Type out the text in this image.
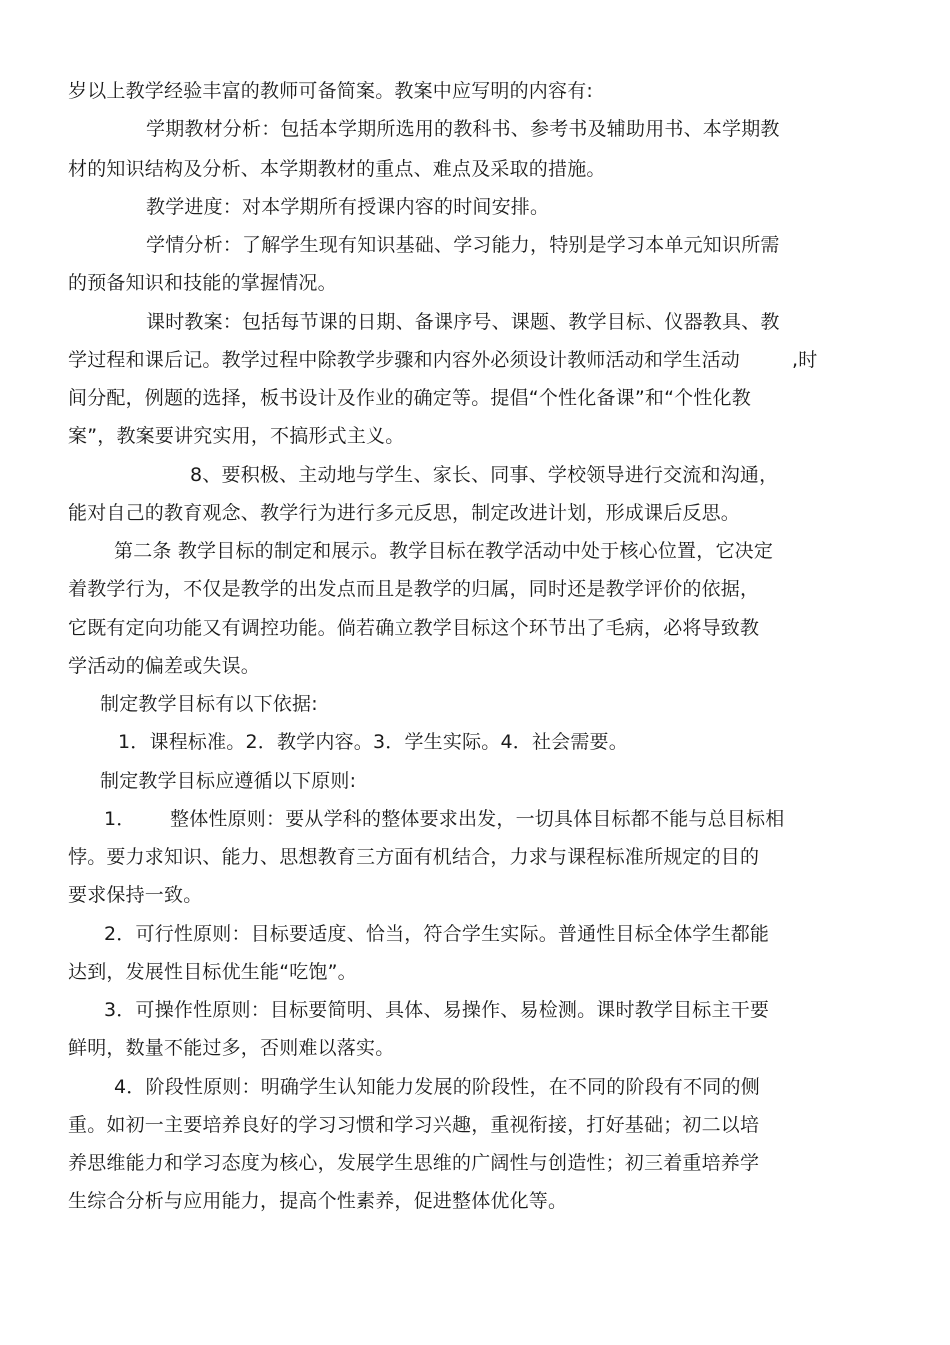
岁以上教学经验丰富的教师可备简案。教案中应写明的内容有:
学期教材分析：包括本学期所选用的教科书、参考书及辅助用书、本学期教
材的知识结构及分析、本学期教材的重点、难点及采取的措施。
教学进度：对本学期所有授课内容的时间安排。
学情分析：了解学生现有知识基础、学习能力，特别是学习本单元知识所需
的预备知识和技能的掌握情况。
课时教案：包括每节课的日期、备课序号、课题、教学目标、仪器教具、教
学过程和课后记。教学过程中除教学步骤和内容外必须设计教师活动和学生活动	,时
间分配，例题的选择，板书设计及作业的确定等。提倡“个性化备课”和“个性化教
案”，教案要讲究实用，不搞形式主义。
8、要积极、主动地与学生、家长、同事、学校领导进行交流和沟通，
能对自己的教育观念、教学行为进行多元反思，制定改进计划，形成课后反思。
第二条 教学目标的制定和展示。教学目标在教学活动中处于核心位置，它决定
着教学行为，不仅是教学的出发点而且是教学的归属，同时还是教学评价的依据，
它既有定向功能又有调控功能。倘若确立教学目标这个环节出了毛病，必将导致教
学活动的偏差或失误。
制定教学目标有以下依据:
1．课程标准。2．教学内容。3．学生实际。4．社会需要。
制定教学目标应遵循以下原则:
1． 整体性原则：要从学科的整体要求出发，一切具体目标都不能与总目标相
悖。要力求知识、能力、思想教育三方面有机结合，力求与课程标准所规定的目的
要求保持一致。
2．可行性原则：目标要适度、恰当，符合学生实际。普通性目标全体学生都能
达到，发展性目标优生能“吃饱”。
3．可操作性原则：目标要简明、具体、易操作、易检测。课时教学目标主干要
鲜明，数量不能过多，否则难以落实。
4．阶段性原则：明确学生认知能力发展的阶段性，在不同的阶段有不同的侧
重。如初一主要培养良好的学习习惯和学习兴趣，重视衔接，打好基础；初二以培
养思维能力和学习态度为核心，发展学生思维的广阔性与创造性；初三着重培养学
生综合分析与应用能力，提高个性素养，促进整体优化等。
